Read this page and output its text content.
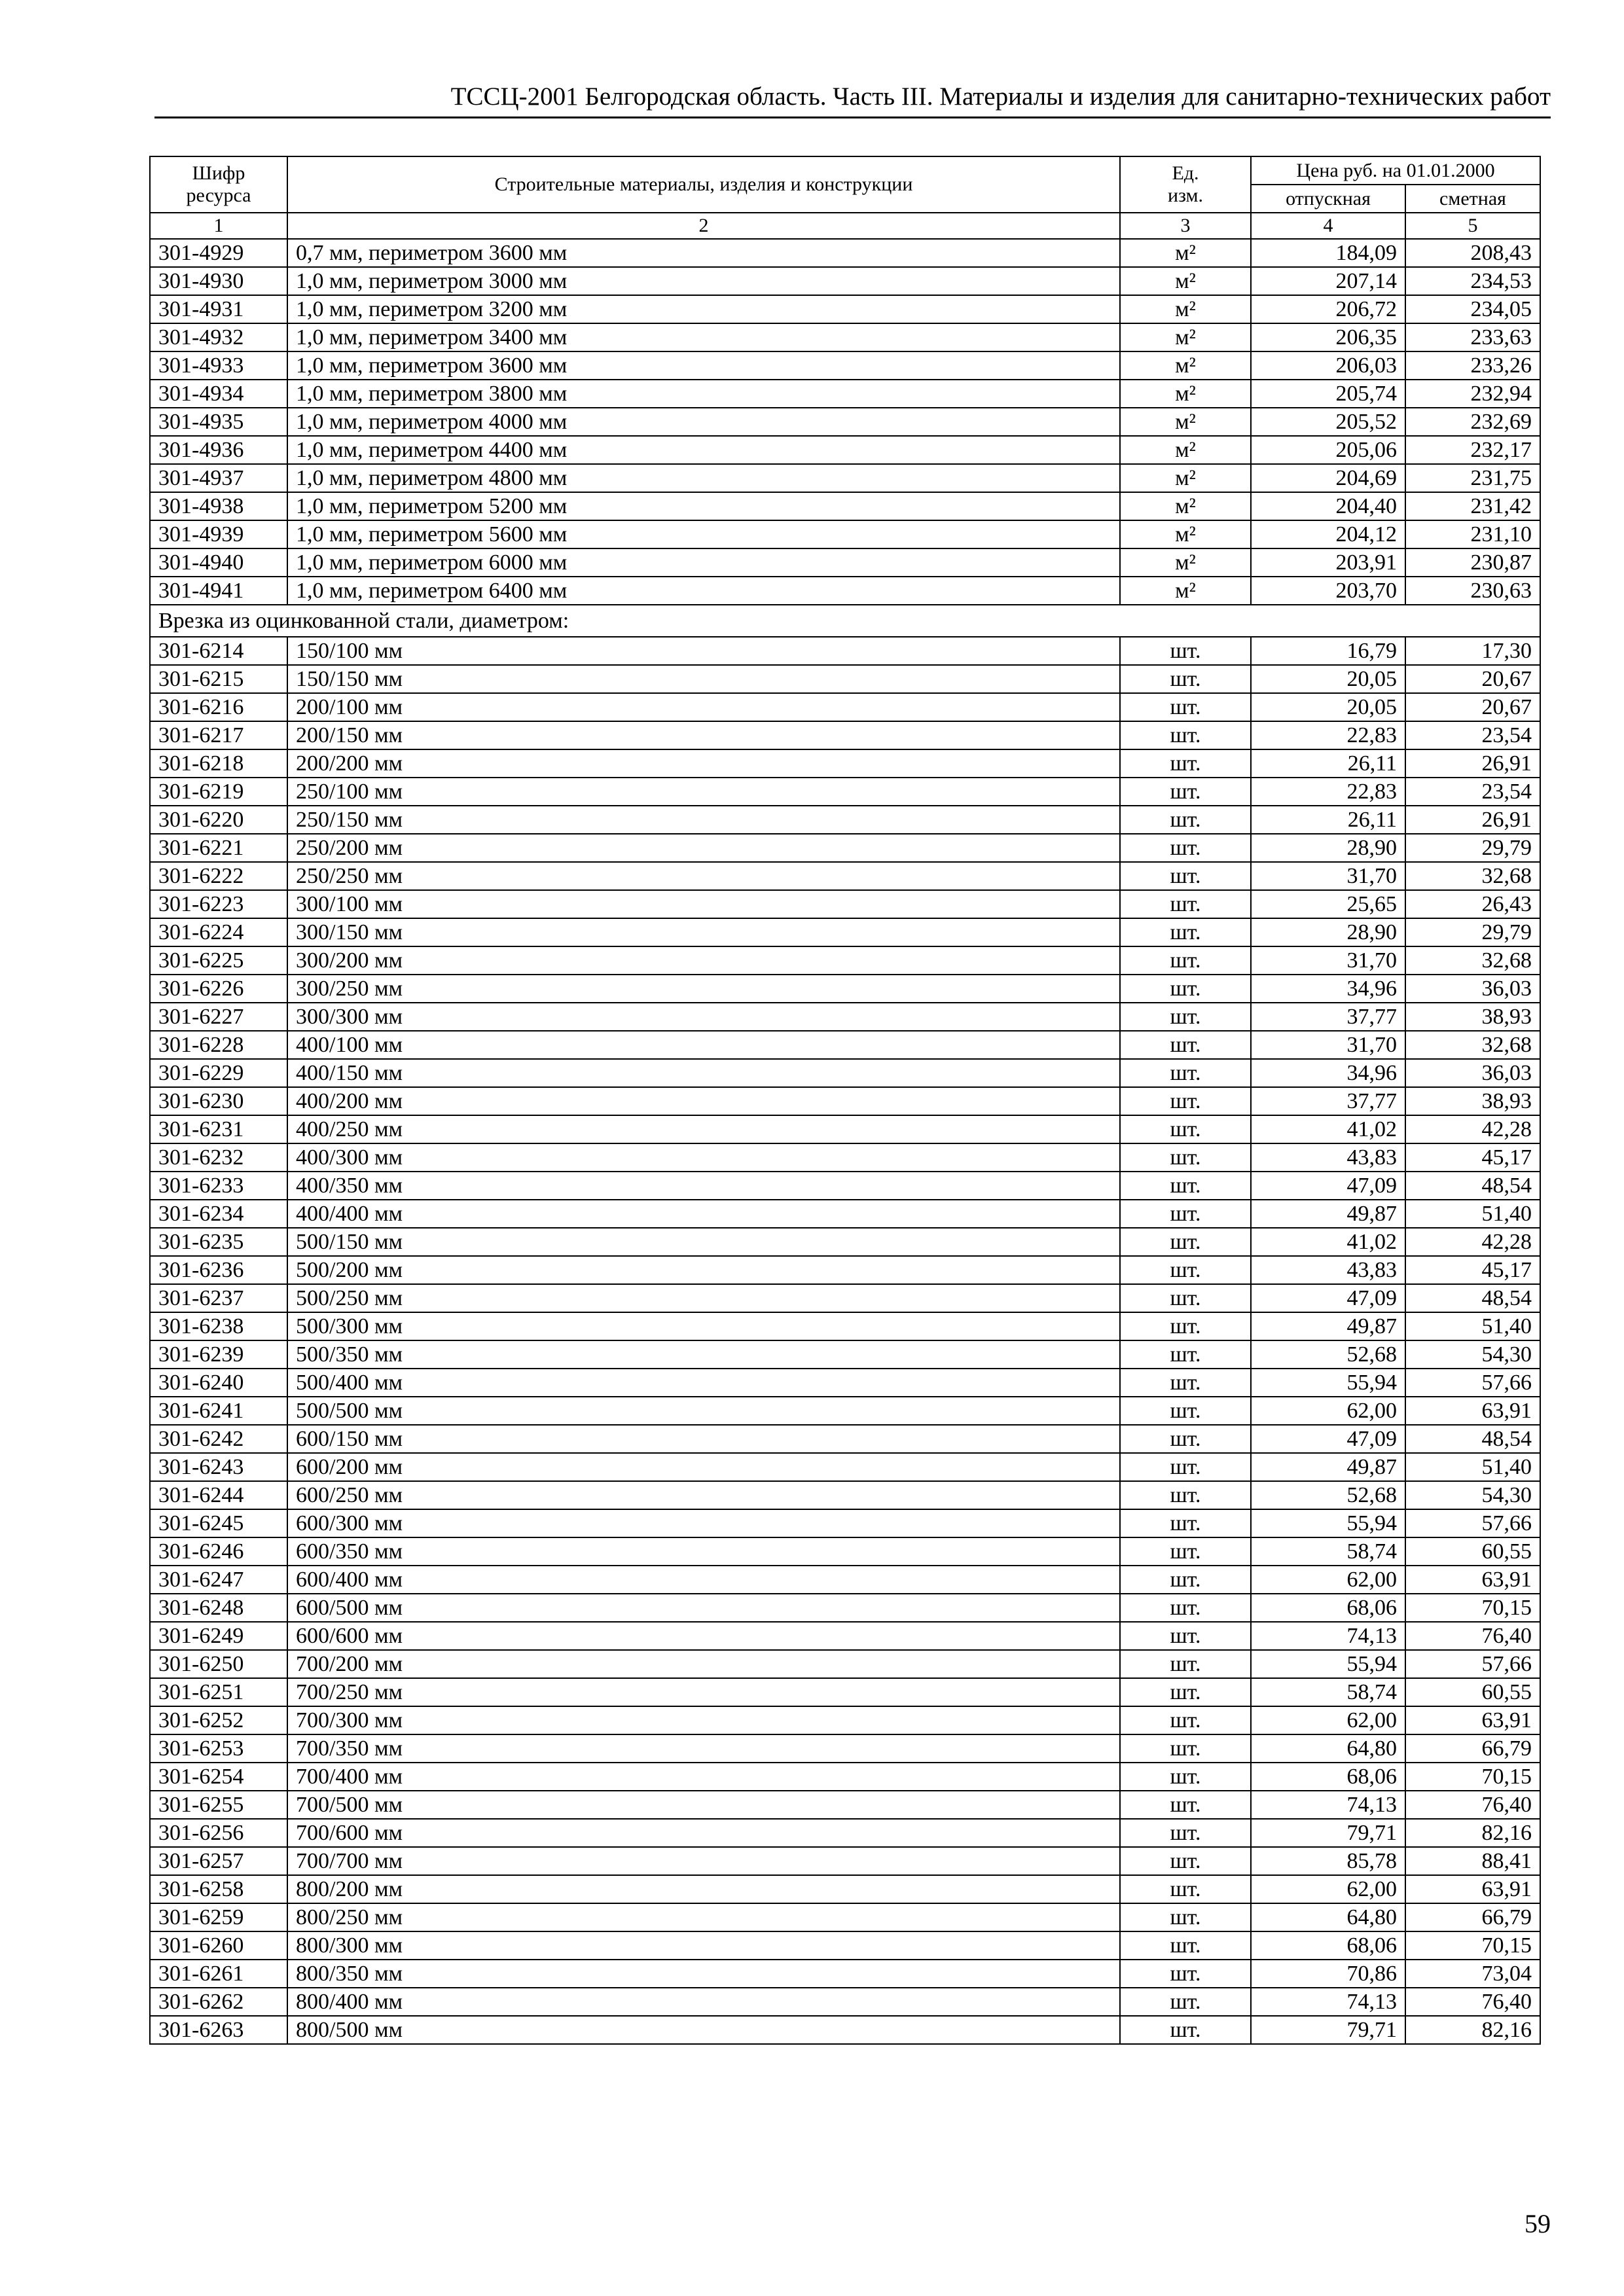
ТССЦ-2001 Белгородская область. Часть III. Материалы и изделия для санитарно-технических работ
Шифр ресурса	Строительные материалы, изделия и конструкции	Ед. изм.	Цена руб. на 01.01.2000	
			отпускная	сметная
1	2	3	4	5
301-4929	0,7 мм, периметром 3600 мм	м²	184,09	208,43
301-4930	1,0 мм, периметром 3000 мм	м²	207,14	234,53
301-4931	1,0 мм, периметром 3200 мм	м²	206,72	234,05
301-4932	1,0 мм, периметром 3400 мм	м²	206,35	233,63
301-4933	1,0 мм, периметром 3600 мм	м²	206,03	233,26
301-4934	1,0 мм, периметром 3800 мм	м²	205,74	232,94
301-4935	1,0 мм, периметром 4000 мм	м²	205,52	232,69
301-4936	1,0 мм, периметром 4400 мм	м²	205,06	232,17
301-4937	1,0 мм, периметром 4800 мм	м²	204,69	231,75
301-4938	1,0 мм, периметром 5200 мм	м²	204,40	231,42
301-4939	1,0 мм, периметром 5600 мм	м²	204,12	231,10
301-4940	1,0 мм, периметром 6000 мм	м²	203,91	230,87
301-4941	1,0 мм, периметром 6400 мм	м²	203,70	230,63
Врезка из оцинкованной стали, диаметром:				
301-6214	150/100 мм	шт.	16,79	17,30
301-6215	150/150 мм	шт.	20,05	20,67
301-6216	200/100 мм	шт.	20,05	20,67
301-6217	200/150 мм	шт.	22,83	23,54
301-6218	200/200 мм	шт.	26,11	26,91
301-6219	250/100 мм	шт.	22,83	23,54
301-6220	250/150 мм	шт.	26,11	26,91
301-6221	250/200 мм	шт.	28,90	29,79
301-6222	250/250 мм	шт.	31,70	32,68
301-6223	300/100 мм	шт.	25,65	26,43
301-6224	300/150 мм	шт.	28,90	29,79
301-6225	300/200 мм	шт.	31,70	32,68
301-6226	300/250 мм	шт.	34,96	36,03
301-6227	300/300 мм	шт.	37,77	38,93
301-6228	400/100 мм	шт.	31,70	32,68
301-6229	400/150 мм	шт.	34,96	36,03
301-6230	400/200 мм	шт.	37,77	38,93
301-6231	400/250 мм	шт.	41,02	42,28
301-6232	400/300 мм	шт.	43,83	45,17
301-6233	400/350 мм	шт.	47,09	48,54
301-6234	400/400 мм	шт.	49,87	51,40
301-6235	500/150 мм	шт.	41,02	42,28
301-6236	500/200 мм	шт.	43,83	45,17
301-6237	500/250 мм	шт.	47,09	48,54
301-6238	500/300 мм	шт.	49,87	51,40
301-6239	500/350 мм	шт.	52,68	54,30
301-6240	500/400 мм	шт.	55,94	57,66
301-6241	500/500 мм	шт.	62,00	63,91
301-6242	600/150 мм	шт.	47,09	48,54
301-6243	600/200 мм	шт.	49,87	51,40
301-6244	600/250 мм	шт.	52,68	54,30
301-6245	600/300 мм	шт.	55,94	57,66
301-6246	600/350 мм	шт.	58,74	60,55
301-6247	600/400 мм	шт.	62,00	63,91
301-6248	600/500 мм	шт.	68,06	70,15
301-6249	600/600 мм	шт.	74,13	76,40
301-6250	700/200 мм	шт.	55,94	57,66
301-6251	700/250 мм	шт.	58,74	60,55
301-6252	700/300 мм	шт.	62,00	63,91
301-6253	700/350 мм	шт.	64,80	66,79
301-6254	700/400 мм	шт.	68,06	70,15
301-6255	700/500 мм	шт.	74,13	76,40
301-6256	700/600 мм	шт.	79,71	82,16
301-6257	700/700 мм	шт.	85,78	88,41
301-6258	800/200 мм	шт.	62,00	63,91
301-6259	800/250 мм	шт.	64,80	66,79
301-6260	800/300 мм	шт.	68,06	70,15
301-6261	800/350 мм	шт.	70,86	73,04
301-6262	800/400 мм	шт.	74,13	76,40
301-6263	800/500 мм	шт.	79,71	82,16
59
